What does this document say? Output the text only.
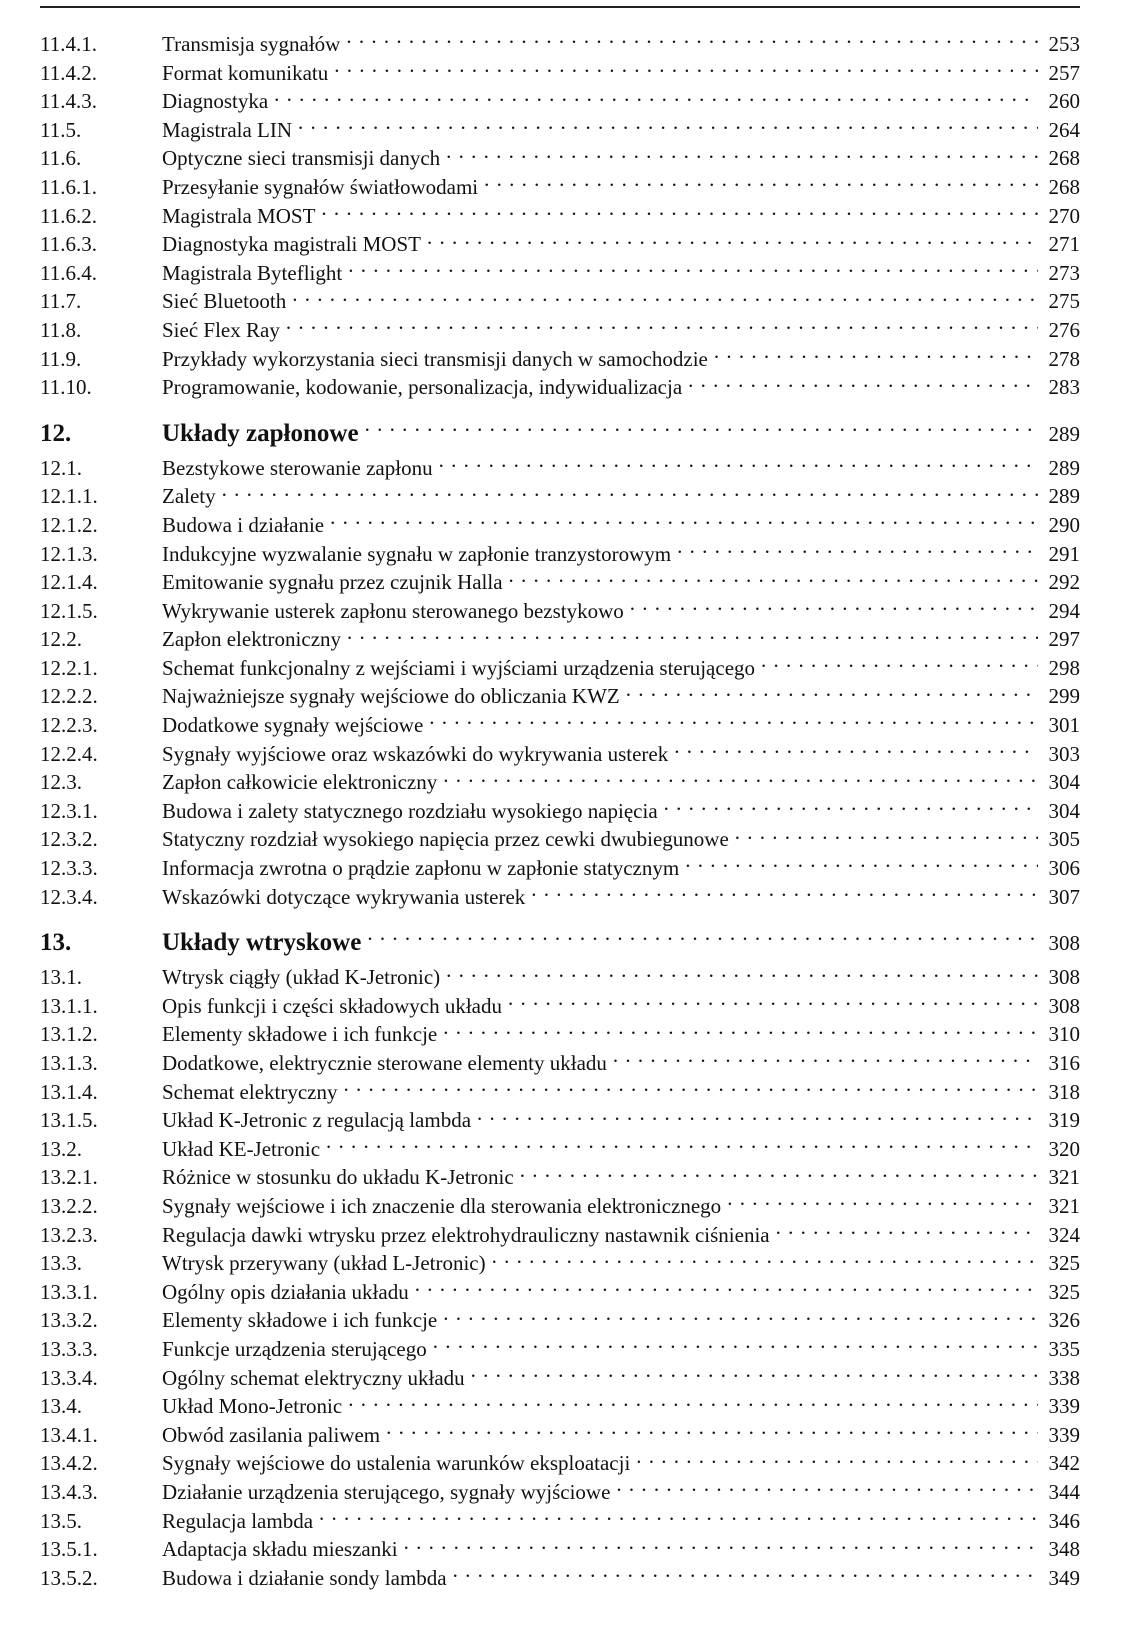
11.4.1.	Transmisja sygnałów . . .	253
11.4.2.	Format komunikatu . . .	257
11.4.3.	Diagnostyka . . .	260
11.5.	Magistrala LIN . . .	264
11.6.	Optyczne sieci transmisji danych . . .	268
11.6.1.	Przesyłanie sygnałów światłowodami . . .	268
11.6.2.	Magistrala MOST . . .	270
11.6.3.	Diagnostyka magistrali MOST . . .	271
11.6.4.	Magistrala Byteflight . . .	273
11.7.	Sieć Bluetooth . . .	275
11.8.	Sieć Flex Ray . . .	276
11.9.	Przykłady wykorzystania sieci transmisji danych w samochodzie . . .	278
11.10.	Programowanie, kodowanie, personalizacja, indywidualizacja . . .	283
12.	Układy zapłonowe . . .	289
12.1.	Bezstykowe sterowanie zapłonu . . .	289
12.1.1.	Zalety . . .	289
12.1.2.	Budowa i działanie . . .	290
12.1.3.	Indukcyjne wyzwalanie sygnału w zapłonie tranzystorowym . . .	291
12.1.4.	Emitowanie sygnału przez czujnik Halla . . .	292
12.1.5.	Wykrywanie usterek zapłonu sterowanego bezstykowo . . .	294
12.2.	Zapłon elektroniczny . . .	297
12.2.1.	Schemat funkcjonalny z wejściami i wyjściami urządzenia sterującego . . .	298
12.2.2.	Najważniejsze sygnały wejściowe do obliczania KWZ . . .	299
12.2.3.	Dodatkowe sygnały wejściowe . . .	301
12.2.4.	Sygnały wyjściowe oraz wskazówki do wykrywania usterek . . .	303
12.3.	Zapłon całkowicie elektroniczny . . .	304
12.3.1.	Budowa i zalety statycznego rozdziału wysokiego napięcia . . .	304
12.3.2.	Statyczny rozdział wysokiego napięcia przez cewki dwubiegunowe . . .	305
12.3.3.	Informacja zwrotna o prądzie zapłonu w zapłonie statycznym . . .	306
12.3.4.	Wskazówki dotyczące wykrywania usterek . . .	307
13.	Układy wtryskowe . . .	308
13.1.	Wtrysk ciągły (układ K-Jetronic) . . .	308
13.1.1.	Opis funkcji i części składowych układu . . .	308
13.1.2.	Elementy składowe i ich funkcje . . .	310
13.1.3.	Dodatkowe, elektrycznie sterowane elementy układu . . .	316
13.1.4.	Schemat elektryczny . . .	318
13.1.5.	Układ K-Jetronic z regulacją lambda . . .	319
13.2.	Układ KE-Jetronic . . .	320
13.2.1.	Różnice w stosunku do układu K-Jetronic . . .	321
13.2.2.	Sygnały wejściowe i ich znaczenie dla sterowania elektronicznego . . .	321
13.2.3.	Regulacja dawki wtrysku przez elektrohydrauliczny nastawnik ciśnienia . . .	324
13.3.	Wtrysk przerywany (układ L-Jetronic) . . .	325
13.3.1.	Ogólny opis działania układu . . .	325
13.3.2.	Elementy składowe i ich funkcje . . .	326
13.3.3.	Funkcje urządzenia sterującego . . .	335
13.3.4.	Ogólny schemat elektryczny układu . . .	338
13.4.	Układ Mono-Jetronic . . .	339
13.4.1.	Obwód zasilania paliwem . . .	339
13.4.2.	Sygnały wejściowe do ustalenia warunków eksploatacji . . .	342
13.4.3.	Działanie urządzenia sterującego, sygnały wyjściowe . . .	344
13.5.	Regulacja lambda . . .	346
13.5.1.	Adaptacja składu mieszanki . . .	348
13.5.2.	Budowa i działanie sondy lambda . . .	349
